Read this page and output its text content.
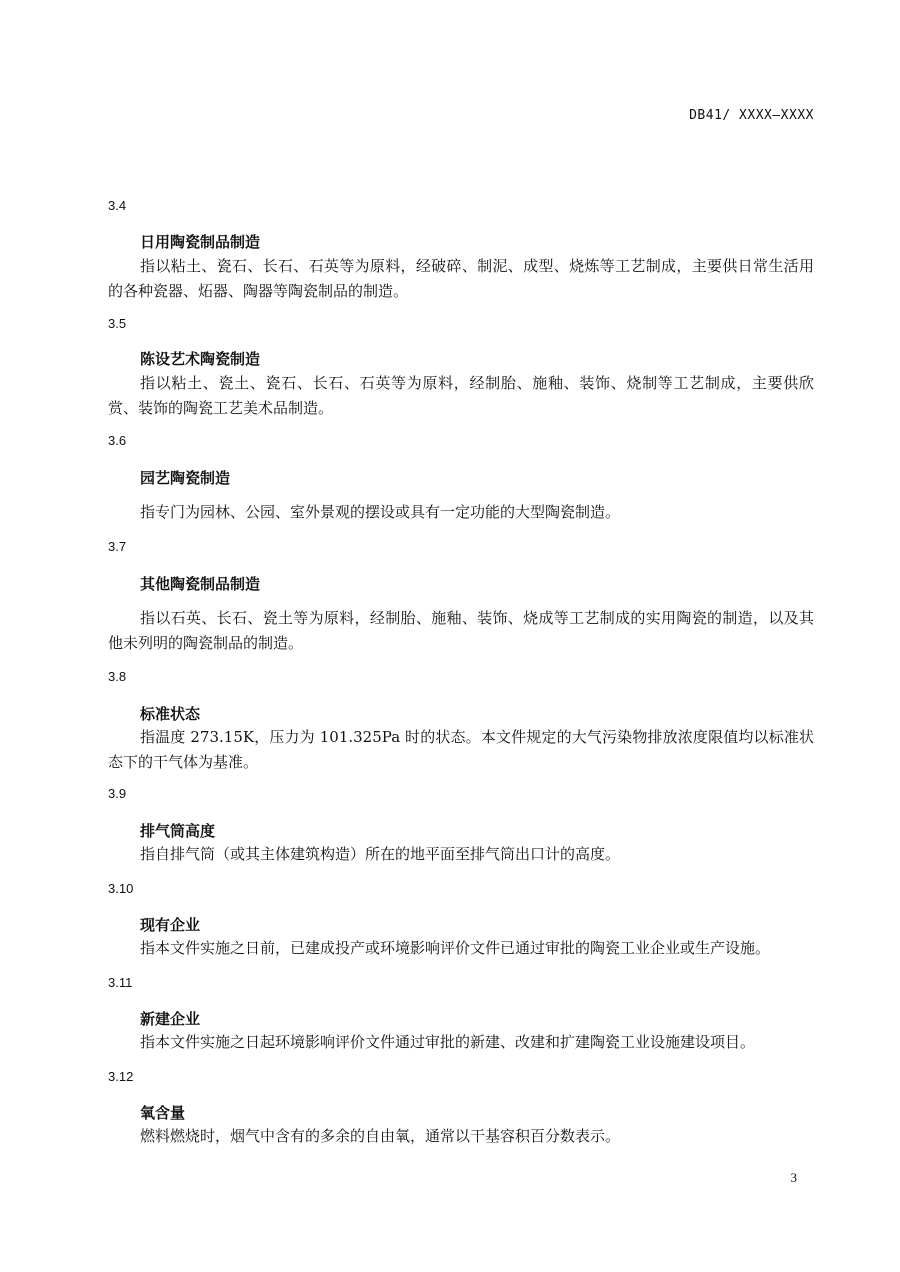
DB41/ XXXX—XXXX
3.4
日用陶瓷制品制造
指以粘土、瓷石、长石、石英等为原料，经破碎、制泥、成型、烧炼等工艺制成，主要供日常生活用的各种瓷器、炻器、陶器等陶瓷制品的制造。
3.5
陈设艺术陶瓷制造
指以粘土、瓷土、瓷石、长石、石英等为原料，经制胎、施釉、装饰、烧制等工艺制成，主要供欣赏、装饰的陶瓷工艺美术品制造。
3.6
园艺陶瓷制造
指专门为园林、公园、室外景观的摆设或具有一定功能的大型陶瓷制造。
3.7
其他陶瓷制品制造
指以石英、长石、瓷土等为原料，经制胎、施釉、装饰、烧成等工艺制成的实用陶瓷的制造，以及其他未列明的陶瓷制品的制造。
3.8
标准状态
指温度 273.15K，压力为 101.325Pa 时的状态。本文件规定的大气污染物排放浓度限值均以标准状态下的干气体为基准。
3.9
排气筒高度
指自排气筒（或其主体建筑构造）所在的地平面至排气筒出口计的高度。
3.10
现有企业
指本文件实施之日前，已建成投产或环境影响评价文件已通过审批的陶瓷工业企业或生产设施。
3.11
新建企业
指本文件实施之日起环境影响评价文件通过审批的新建、改建和扩建陶瓷工业设施建设项目。
3.12
氧含量
燃料燃烧时，烟气中含有的多余的自由氧，通常以干基容积百分数表示。
3
